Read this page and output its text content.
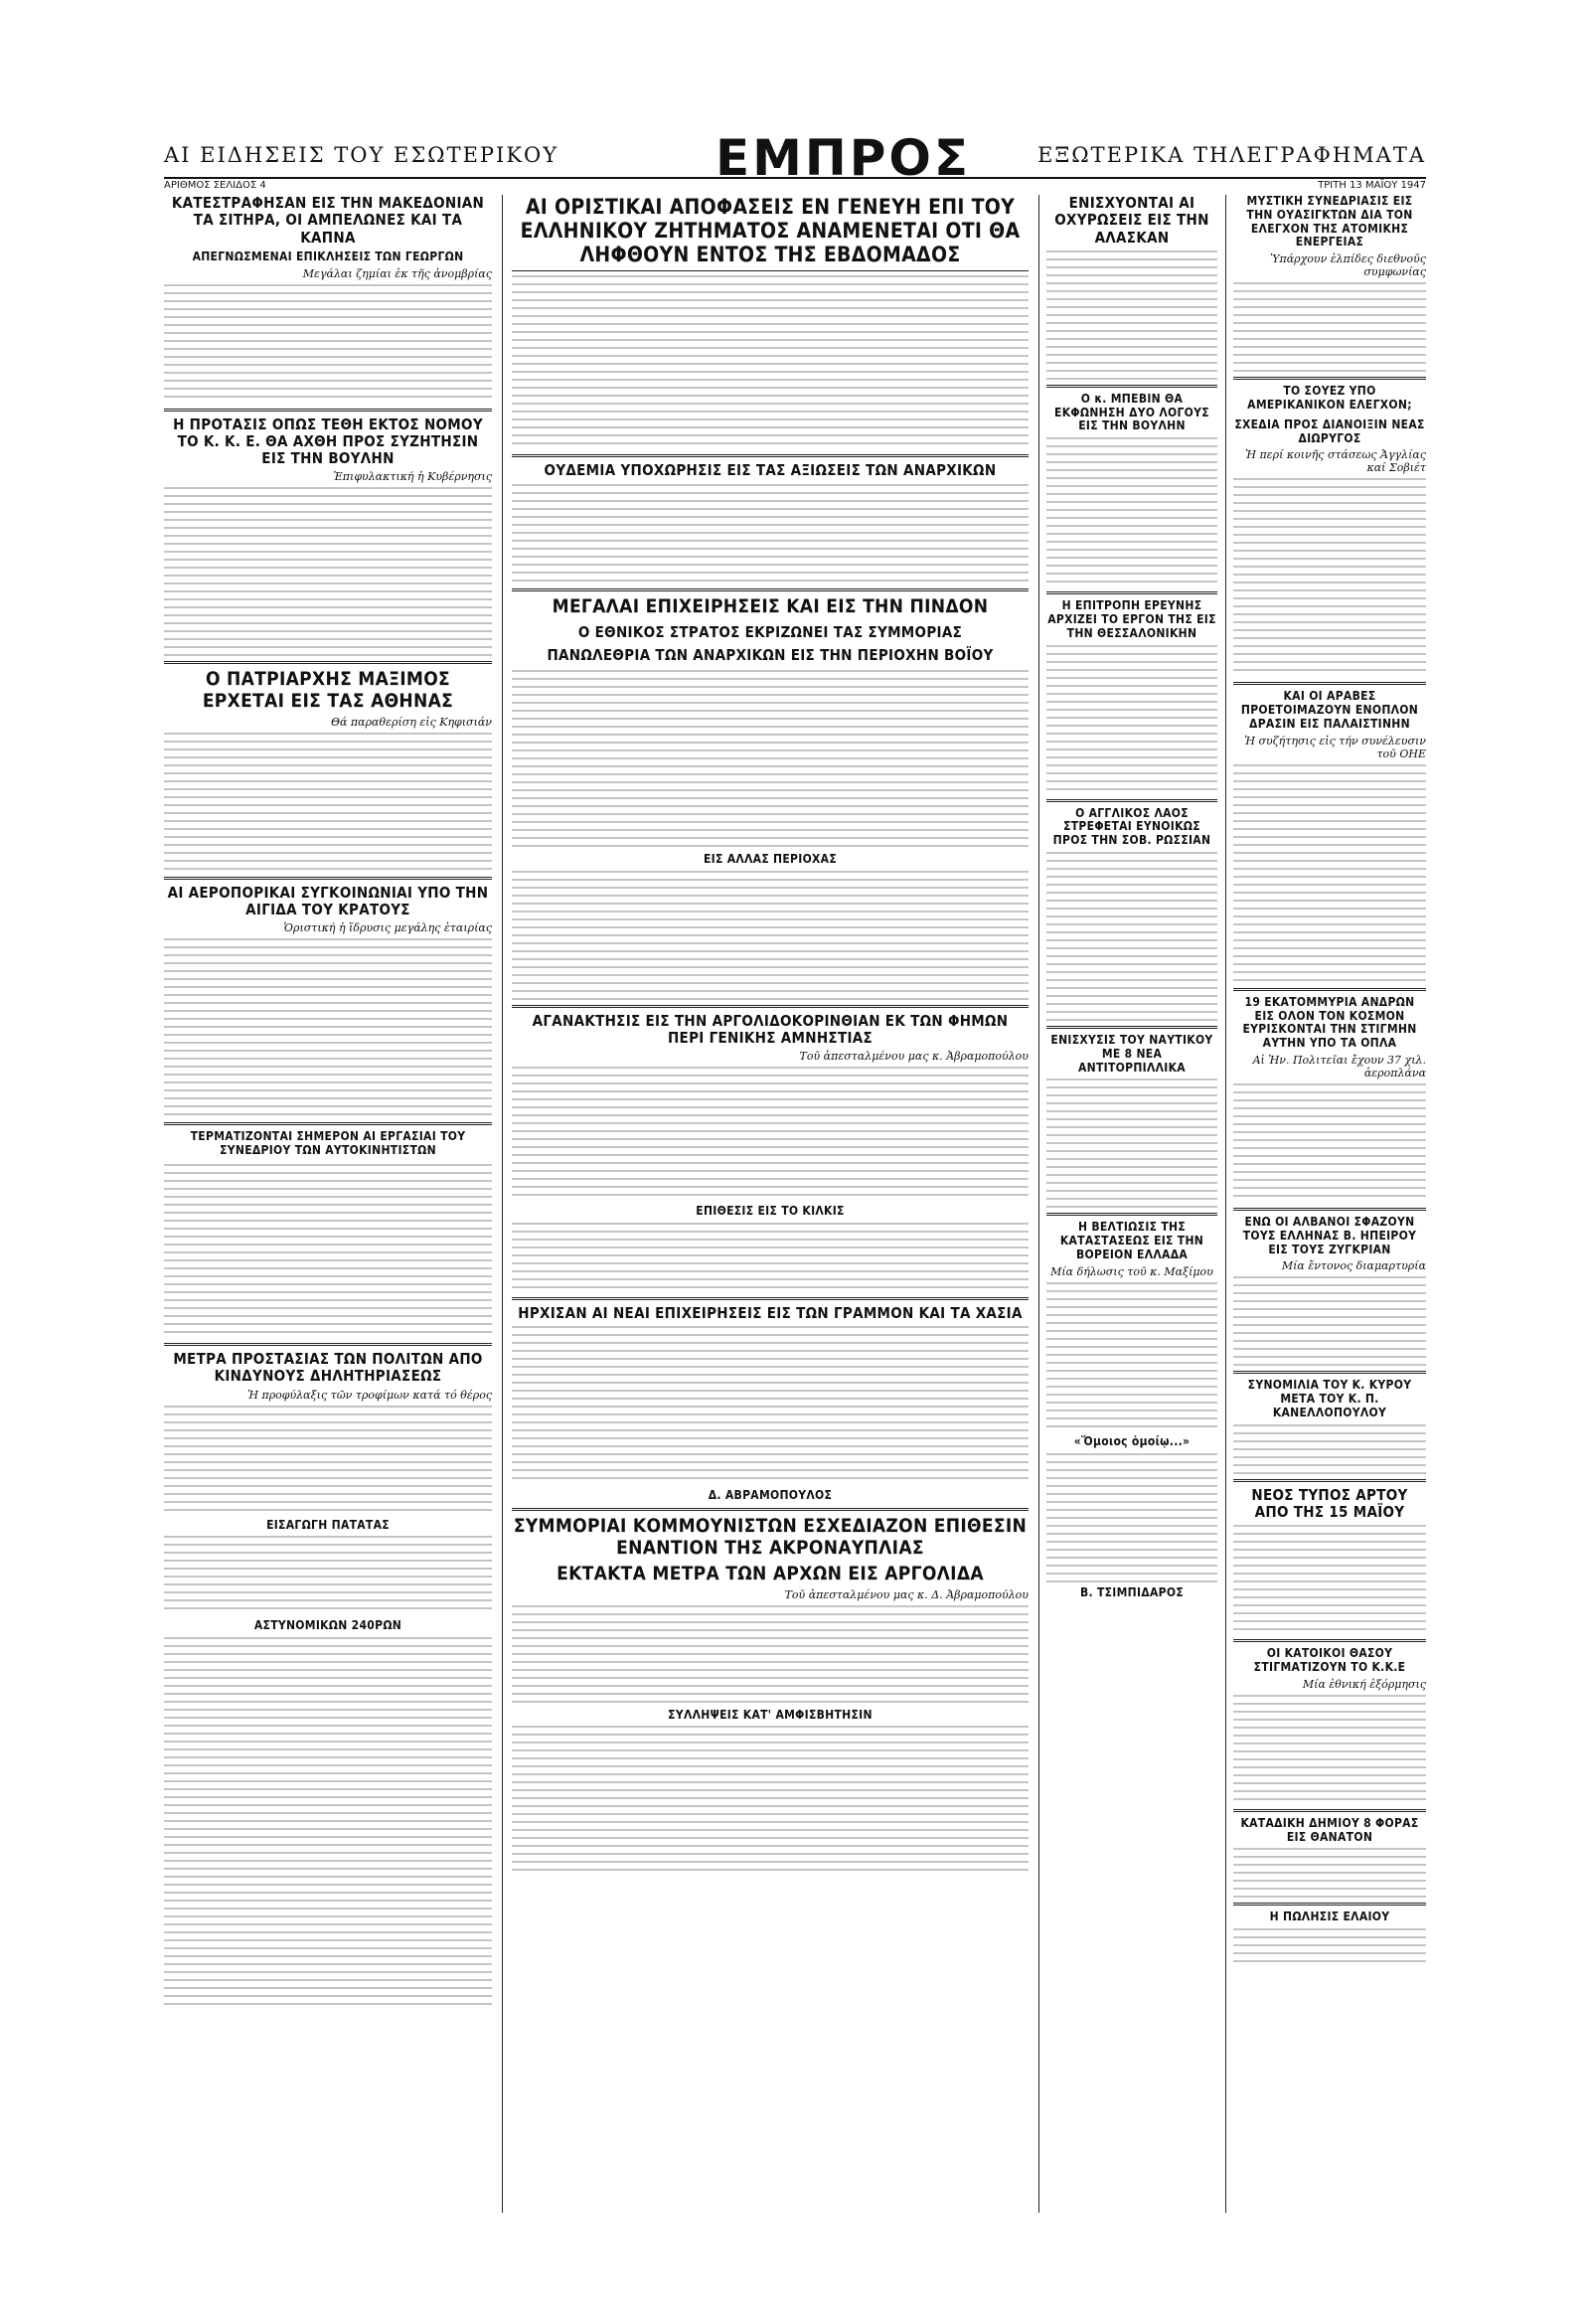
ΑΙ ΕΙΔΗΣΕΙΣ ΤΟΥ ΕΣΩΤΕΡΙΚΟΥ	ΕΜΠΡΟΣ	ΕΞΩΤΕΡΙΚΑ ΤΗΛΕΓΡΑΦΗΜΑΤΑ
ΑΡΙΘΜΟΣ ΣΕΛΙΔΟΣ 4	ΤΡΙΤΗ 13 ΜΑΪΟΥ 1947
ΚΑΤΕΣΤΡΑΦΗΣΑΝ ΕΙΣ ΤΗΝ ΜΑΚΕΔΟΝΙΑΝ ΤΑ ΣΙΤΗΡΑ, ΟΙ ΑΜΠΕΛΩΝΕΣ ΚΑΙ ΤΑ ΚΑΠΝΑ
ΑΠΕΓΝΩΣΜΕΝΑΙ ΕΠΙΚΛΗΣΕΙΣ ΤΩΝ ΓΕΩΡΓΩΝ
Μεγάλαι ζημίαι ἐκ τῆς ἀνομβρίας
Η ΠΡΟΤΑΣΙΣ ΟΠΩΣ ΤΕΘΗ ΕΚΤΟΣ ΝΟΜΟΥ ΤΟ Κ. Κ. Ε. ΘΑ ΑΧΘΗ ΠΡΟΣ ΣΥΖΗΤΗΣΙΝ ΕΙΣ ΤΗΝ ΒΟΥΛΗΝ
Ἐπιφυλακτική ἡ Κυβέρνησις
Ο ΠΑΤΡΙΑΡΧΗΣ ΜΑΞΙΜΟΣ ΕΡΧΕΤΑΙ ΕΙΣ ΤΑΣ ΑΘΗΝΑΣ
Θά παραθερίση εἰς Κηφισιάν
ΑΙ ΑΕΡΟΠΟΡΙΚΑΙ ΣΥΓΚΟΙΝΩΝΙΑΙ ΥΠΟ ΤΗΝ ΑΙΓΙΔΑ ΤΟΥ ΚΡΑΤΟΥΣ
Ὁριστική ἡ ἵδρυσις μεγάλης ἑταιρίας
ΤΕΡΜΑΤΙΖΟΝΤΑΙ ΣΗΜΕΡΟΝ ΑΙ ΕΡΓΑΣΙΑΙ ΤΟΥ ΣΥΝΕΔΡΙΟΥ ΤΩΝ ΑΥΤΟΚΙΝΗΤΙΣΤΩΝ
ΜΕΤΡΑ ΠΡΟΣΤΑΣΙΑΣ ΤΩΝ ΠΟΛΙΤΩΝ ΑΠΟ ΚΙΝΔΥΝΟΥΣ ΔΗΛΗΤΗΡΙΑΣΕΩΣ
Ἡ προφύλαξις τῶν τροφίμων κατά τό θέρος
ΕΙΣΑΓΩΓΗ ΠΑΤΑΤΑΣ
ΑΣΤΥΝΟΜΙΚΩΝ 240ΡΩΝ
ΑΙ ΟΡΙΣΤΙΚΑΙ ΑΠΟΦΑΣΕΙΣ ΕΝ ΓΕΝΕΥΗ ΕΠΙ ΤΟΥ ΕΛΛΗΝΙΚΟΥ ΖΗΤΗΜΑΤΟΣ ΑΝΑΜΕΝΕΤΑΙ ΟΤΙ ΘΑ ΛΗΦΘΟΥΝ ΕΝΤΟΣ ΤΗΣ ΕΒΔΟΜΑΔΟΣ
ΟΥΔΕΜΙΑ ΥΠΟΧΩΡΗΣΙΣ ΕΙΣ ΤΑΣ ΑΞΙΩΣΕΙΣ ΤΩΝ ΑΝΑΡΧΙΚΩΝ
ΜΕΓΑΛΑΙ ΕΠΙΧΕΙΡΗΣΕΙΣ ΚΑΙ ΕΙΣ ΤΗΝ ΠΙΝΔΟΝ
Ο ΕΘΝΙΚΟΣ ΣΤΡΑΤΟΣ ΕΚΡΙΖΩΝΕΙ ΤΑΣ ΣΥΜΜΟΡΙΑΣ
ΠΑΝΩΛΕΘΡΙΑ ΤΩΝ ΑΝΑΡΧΙΚΩΝ ΕΙΣ ΤΗΝ ΠΕΡΙΟΧΗΝ ΒΟΪΟΥ
ΕΙΣ ΑΛΛΑΣ ΠΕΡΙΟΧΑΣ
ΑΓΑΝΑΚΤΗΣΙΣ ΕΙΣ ΤΗΝ ΑΡΓΟΛΙΔΟΚΟΡΙΝΘΙΑΝ ΕΚ ΤΩΝ ΦΗΜΩΝ ΠΕΡΙ ΓΕΝΙΚΗΣ ΑΜΝΗΣΤΙΑΣ
Τοῦ ἀπεσταλμένου μας κ. Ἀβραμοπούλου
ΕΠΙΘΕΣΙΣ ΕΙΣ ΤΟ ΚΙΛΚΙΣ
ΗΡΧΙΣΑΝ ΑΙ ΝΕΑΙ ΕΠΙΧΕΙΡΗΣΕΙΣ ΕΙΣ ΤΩΝ ΓΡΑΜΜΟΝ ΚΑΙ ΤΑ ΧΑΣΙΑ
Δ. ΑΒΡΑΜΟΠΟΥΛΟΣ
ΣΥΜΜΟΡΙΑΙ ΚΟΜΜΟΥΝΙΣΤΩΝ ΕΣΧΕΔΙΑΖΟΝ ΕΠΙΘΕΣΙΝ ΕΝΑΝΤΙΟΝ ΤΗΣ ΑΚΡΟΝΑΥΠΛΙΑΣ
ΕΚΤΑΚΤΑ ΜΕΤΡΑ ΤΩΝ ΑΡΧΩΝ ΕΙΣ ΑΡΓΟΛΙΔΑ
Τοῦ ἀπεσταλμένου μας κ. Δ. Ἀβραμοπούλου
ΣΥΛΛΗΨΕΙΣ ΚΑΤ' ΑΜΦΙΣΒΗΤΗΣΙΝ
ΕΝΙΣΧΥΟΝΤΑΙ ΑΙ ΟΧΥΡΩΣΕΙΣ ΕΙΣ ΤΗΝ ΑΛΑΣΚΑΝ
Ο κ. ΜΠΕΒΙΝ ΘΑ ΕΚΦΩΝΗΣΗ ΔΥΟ ΛΟΓΟΥΣ ΕΙΣ ΤΗΝ ΒΟΥΛΗΝ
Η ΕΠΙΤΡΟΠΗ ΕΡΕΥΝΗΣ ΑΡΧΙΖΕΙ ΤΟ ΕΡΓΟΝ ΤΗΣ ΕΙΣ ΤΗΝ ΘΕΣΣΑΛΟΝΙΚΗΝ
Ο ΑΓΓΛΙΚΟΣ ΛΑΟΣ ΣΤΡΕΦΕΤΑΙ ΕΥΝΟΙΚΩΣ ΠΡΟΣ ΤΗΝ ΣΟΒ. ΡΩΣΣΙΑΝ
ΕΝΙΣΧΥΣΙΣ ΤΟΥ ΝΑΥΤΙΚΟΥ ΜΕ 8 ΝΕΑ ΑΝΤΙΤΟΡΠΙΛΛΙΚΑ
Η ΒΕΛΤΙΩΣΙΣ ΤΗΣ ΚΑΤΑΣΤΑΣΕΩΣ ΕΙΣ ΤΗΝ ΒΟΡΕΙΟΝ ΕΛΛΑΔΑ
Μία δήλωσις τοῦ κ. Μαξίμου
«Ὅμοιος ὁμοίῳ...»
Β. ΤΣΙΜΠΙΔΑΡΟΣ
ΜΥΣΤΙΚΗ ΣΥΝΕΔΡΙΑΣΙΣ ΕΙΣ ΤΗΝ ΟΥΑΣΙΓΚΤΩΝ ΔΙΑ ΤΟΝ ΕΛΕΓΧΟΝ ΤΗΣ ΑΤΟΜΙΚΗΣ ΕΝΕΡΓΕΙΑΣ
Ὑπάρχουν ἐλπίδες διεθνοῦς συμφωνίας
ΤΟ ΣΟΥΕΖ ΥΠΟ ΑΜΕΡΙΚΑΝΙΚΟΝ ΕΛΕΓΧΟΝ;
ΣΧΕΔΙΑ ΠΡΟΣ ΔΙΑΝΟΙΞΙΝ ΝΕΑΣ ΔΙΩΡΥΓΟΣ
Ἡ περί κοινῆς στάσεως Ἀγγλίας καί Σοβιέτ
ΚΑΙ ΟΙ ΑΡΑΒΕΣ ΠΡΟΕΤΟΙΜΑΖΟΥΝ ΕΝΟΠΛΟΝ ΔΡΑΣΙΝ ΕΙΣ ΠΑΛΑΙΣΤΙΝΗΝ
Ἡ συζήτησις εἰς τήν συνέλευσιν τοῦ ΟΗΕ
19 ΕΚΑΤΟΜΜΥΡΙΑ ΑΝΔΡΩΝ ΕΙΣ ΟΛΟΝ ΤΟΝ ΚΟΣΜΟΝ ΕΥΡΙΣΚΟΝΤΑΙ ΤΗΝ ΣΤΙΓΜΗΝ ΑΥΤΗΝ ΥΠΟ ΤΑ ΟΠΛΑ
Αἱ Ἡν. Πολιτεῖαι ἔχουν 37 χιλ. ἀεροπλάνα
ΕΝΩ ΟΙ ΑΛΒΑΝΟΙ ΣΦΑΖΟΥΝ ΤΟΥΣ ΕΛΛΗΝΑΣ Β. ΗΠΕΙΡΟΥ ΕΙΣ ΤΟΥΣ ΖΥΓΚΡΙΑΝ
Μία ἔντονος διαμαρτυρία
ΣΥΝΟΜΙΛΙΑ ΤΟΥ Κ. ΚΥΡΟΥ ΜΕΤΑ ΤΟΥ Κ. Π. ΚΑΝΕΛΛΟΠΟΥΛΟΥ
ΝΕΟΣ ΤΥΠΟΣ ΑΡΤΟΥ ΑΠΟ ΤΗΣ 15 ΜΑΪΟΥ
ΟΙ ΚΑΤΟΙΚΟΙ ΘΑΣΟΥ ΣΤΙΓΜΑΤΙΖΟΥΝ ΤΟ Κ.Κ.Ε
Μία ἐθνική ἐξόρμησις
ΚΑΤΑΔΙΚΗ ΔΗΜΙΟΥ 8 ΦΟΡΑΣ ΕΙΣ ΘΑΝΑΤΟΝ
Η ΠΩΛΗΣΙΣ ΕΛΑΙΟΥ
